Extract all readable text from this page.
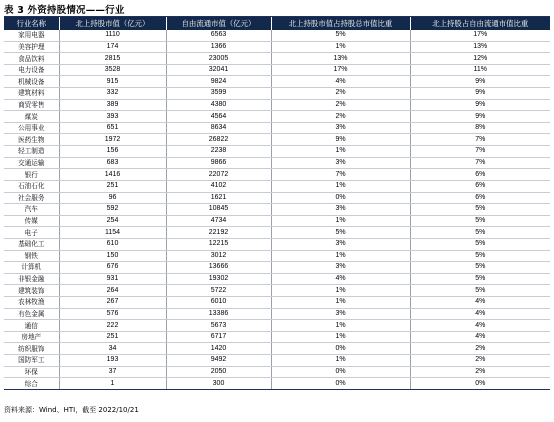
表 3 外资持股情况——行业
行业名称	北上持股市值（亿元）	自由流通市值（亿元）	北上持股市值占持股总市值比重	北上持股占自由流通市值比重
家用电器	1110	6563	5%	17%
美容护理	174	1366	1%	13%
食品饮料	2815	23005	13%	12%
电力设备	3528	32041	17%	11%
机械设备	915	9824	4%	9%
建筑材料	332	3599	2%	9%
商贸零售	389	4380	2%	9%
煤炭	393	4564	2%	9%
公用事业	651	8634	3%	8%
医药生物	1972	26822	9%	7%
轻工制造	156	2238	1%	7%
交通运输	683	9866	3%	7%
银行	1416	22072	7%	6%
石油石化	251	4102	1%	6%
社会服务	96	1621	0%	6%
汽车	592	10845	3%	5%
传媒	254	4734	1%	5%
电子	1154	22192	5%	5%
基础化工	610	12215	3%	5%
钢铁	150	3012	1%	5%
计算机	676	13666	3%	5%
非银金融	931	19302	4%	5%
建筑装饰	264	5722	1%	5%
农林牧渔	267	6010	1%	4%
有色金属	576	13386	3%	4%
通信	222	5673	1%	4%
房地产	251	6717	1%	4%
纺织服饰	34	1420	0%	2%
国防军工	193	9492	1%	2%
环保	37	2050	0%	2%
综合	1	300	0%	0%
资料来源：Wind、HTI，截至 2022/10/21
